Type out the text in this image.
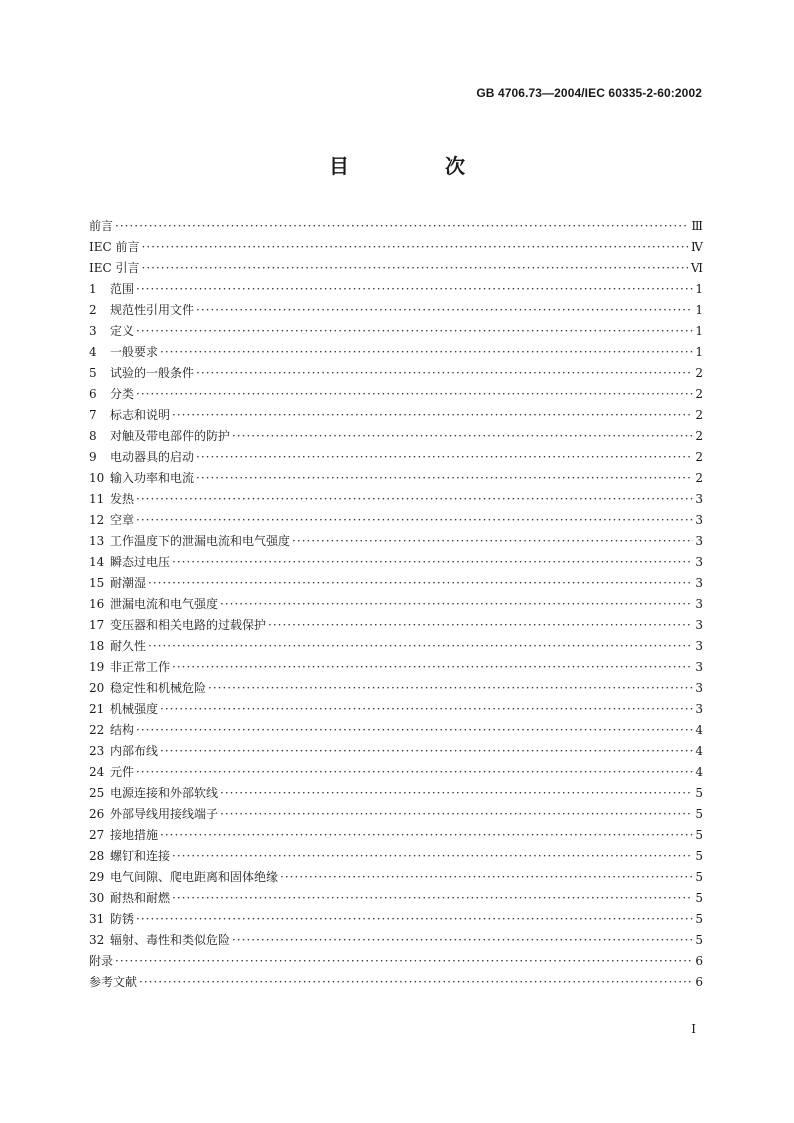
GB 4706.73—2004/IEC 60335-2-60:2002
目　次
前言 ·····	Ⅲ
IEC 前言 ·····	Ⅳ
IEC 引言 ·····	Ⅵ
1	范围 ·····	1
2	规范性引用文件 ·····	1
3	定义 ·····	1
4	一般要求 ·····	1
5	试验的一般条件 ·····	2
6	分类 ·····	2
7	标志和说明 ·····	2
8	对触及带电部件的防护 ·····	2
9	电动器具的启动 ·····	2
10 输入功率和电流 ·····	2
11 发热 ·····	3
12 空章 ·····	3
13 工作温度下的泄漏电流和电气强度 ·····	3
14 瞬态过电压 ·····	3
15 耐潮湿 ·····	3
16 泄漏电流和电气强度 ·····	3
17 变压器和相关电路的过载保护 ·····	3
18 耐久性 ·····	3
19 非正常工作 ·····	3
20 稳定性和机械危险 ·····	3
21 机械强度 ·····	3
22 结构 ·····	4
23 内部布线 ·····	4
24 元件 ·····	4
25 电源连接和外部软线 ·····	5
26 外部导线用接线端子 ·····	5
27 接地措施 ·····	5
28 螺钉和连接 ·····	5
29 电气间隙、爬电距离和固体绝缘 ·····	5
30 耐热和耐燃 ·····	5
31 防锈 ·····	5
32 辐射、毒性和类似危险 ·····	5
附录 ·····	6
参考文献 ·····	6
I
